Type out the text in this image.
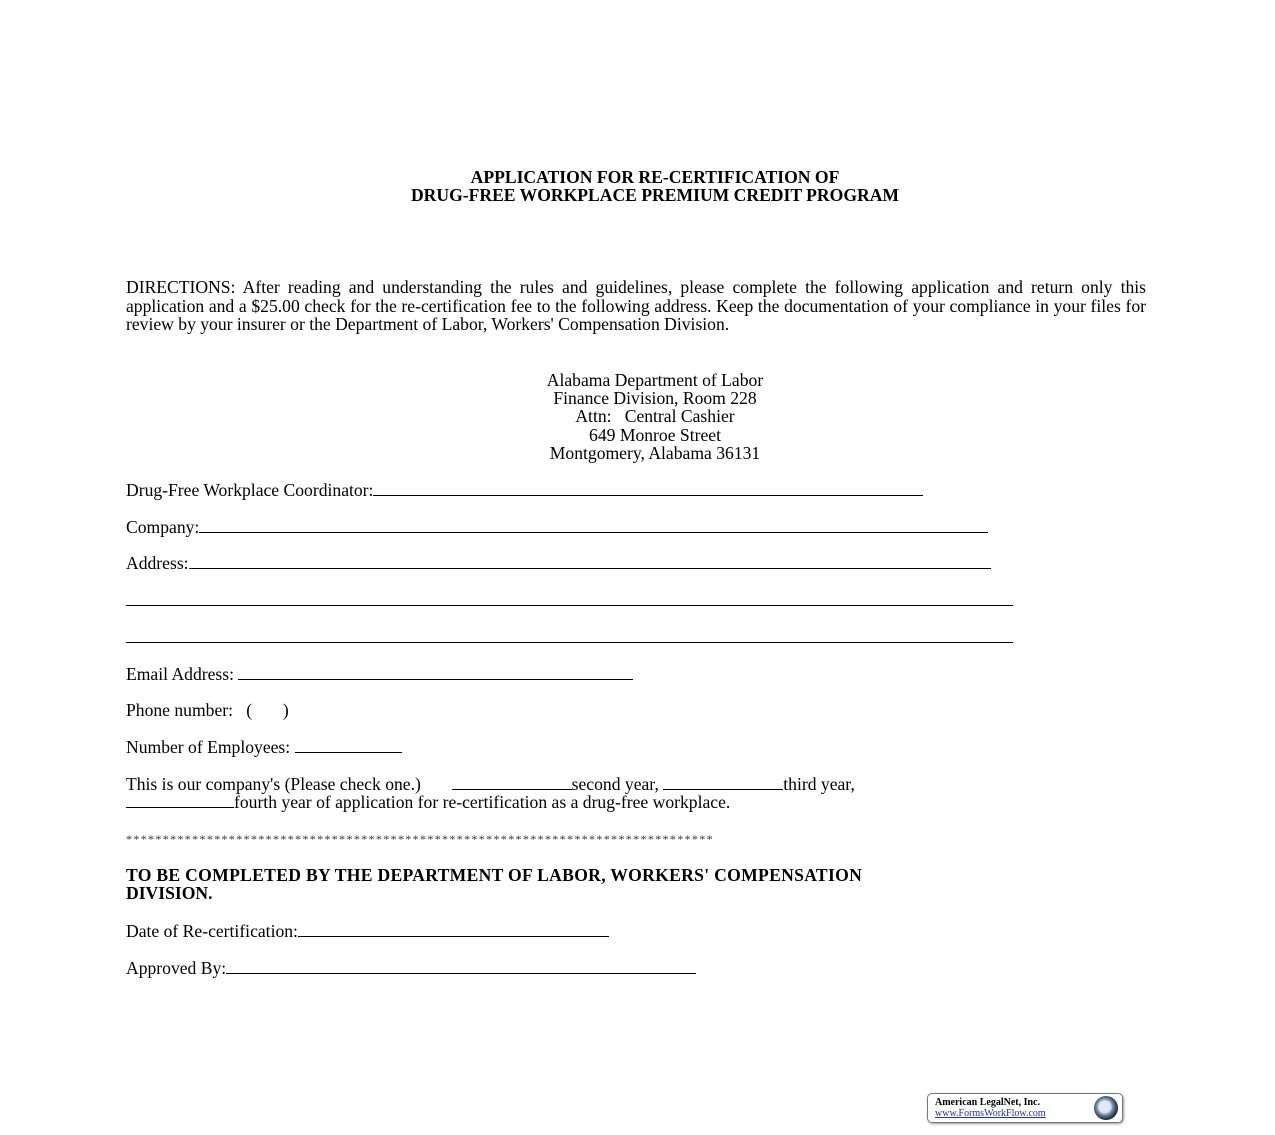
APPLICATION FOR RE-CERTIFICATION OF
DRUG-FREE WORKPLACE PREMIUM CREDIT PROGRAM
DIRECTIONS: After reading and understanding the rules and guidelines, please complete the following application and return only this application and a $25.00 check for the re-certification fee to the following address. Keep the documentation of your compliance in your files for review by your insurer or the Department of Labor, Workers' Compensation Division.
Alabama Department of Labor
Finance Division, Room 228
Attn:   Central Cashier
649 Monroe Street
Montgomery, Alabama 36131
Drug-Free Workplace Coordinator:
Company:
Address:
Email Address:
Phone number:   (       )
Number of Employees:
This is our company's (Please check one.)	second year,	third year,
fourth year of application for re-certification as a drug-free workplace.
********************************************************************************
TO BE COMPLETED BY THE DEPARTMENT OF LABOR, WORKERS' COMPENSATION
DIVISION.
Date of Re-certification:
Approved By:
American LegalNet, Inc.
www.FormsWorkFlow.com
